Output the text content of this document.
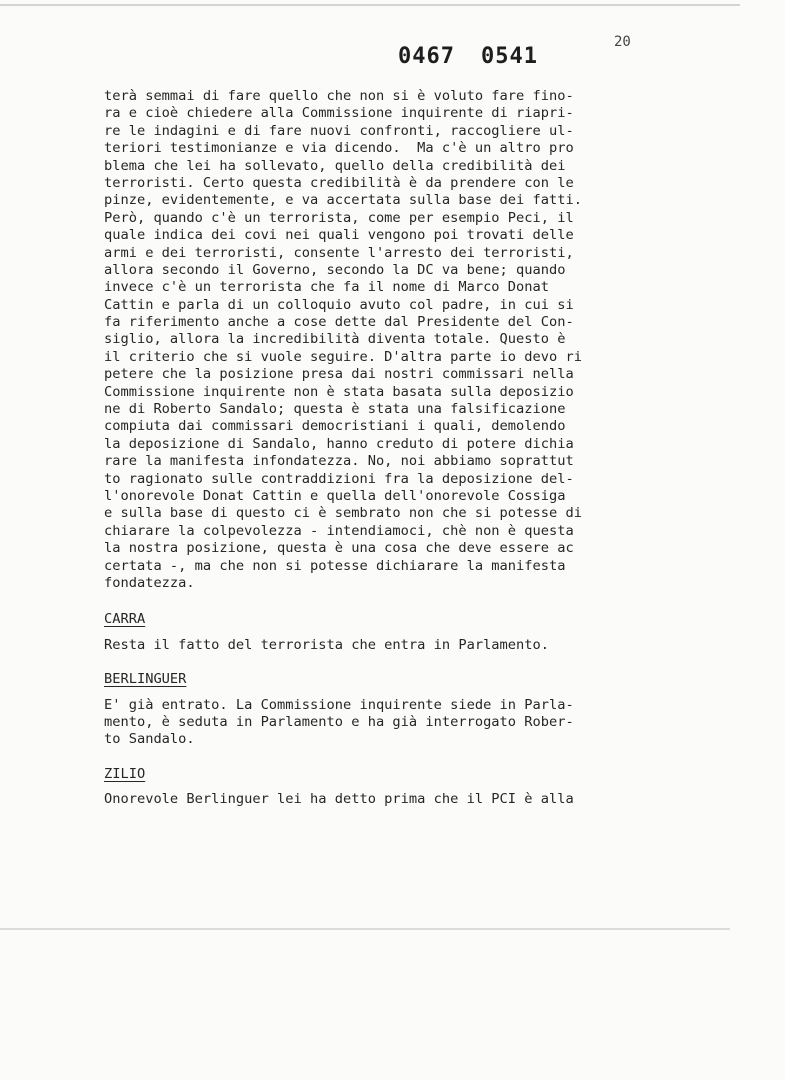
20
0467 0541
terà semmai di fare quello che non si è voluto fare fino-
ra e cioè chiedere alla Commissione inquirente di riapri-
re le indagini e di fare nuovi confronti, raccogliere ul-
teriori testimonianze e via dicendo.  Ma c'è un altro pro
blema che lei ha sollevato, quello della credibilità dei
terroristi. Certo questa credibilità è da prendere con le
pinze, evidentemente, e va accertata sulla base dei fatti.
Però, quando c'è un terrorista, come per esempio Peci, il
quale indica dei covi nei quali vengono poi trovati delle
armi e dei terroristi, consente l'arresto dei terroristi,
allora secondo il Governo, secondo la DC va bene; quando
invece c'è un terrorista che fa il nome di Marco Donat
Cattin e parla di un colloquio avuto col padre, in cui si
fa riferimento anche a cose dette dal Presidente del Con-
siglio, allora la incredibilità diventa totale. Questo è
il criterio che si vuole seguire. D'altra parte io devo ri
petere che la posizione presa dai nostri commissari nella
Commissione inquirente non è stata basata sulla deposizio
ne di Roberto Sandalo; questa è stata una falsificazione
compiuta dai commissari democristiani i quali, demolendo
la deposizione di Sandalo, hanno creduto di potere dichia
rare la manifesta infondatezza. No, noi abbiamo soprattut
to ragionato sulle contraddizioni fra la deposizione del-
l'onorevole Donat Cattin e quella dell'onorevole Cossiga
e sulla base di questo ci è sembrato non che si potesse di
chiarare la colpevolezza - intendiamoci, chè non è questa
la nostra posizione, questa è una cosa che deve essere ac
certata -, ma che non si potesse dichiarare la manifesta
fondatezza.
CARRA
Resta il fatto del terrorista che entra in Parlamento.
BERLINGUER
E' già entrato. La Commissione inquirente siede in Parla-
mento, è seduta in Parlamento e ha già interrogato Rober-
to Sandalo.
ZILIO
Onorevole Berlinguer lei ha detto prima che il PCI è alla
